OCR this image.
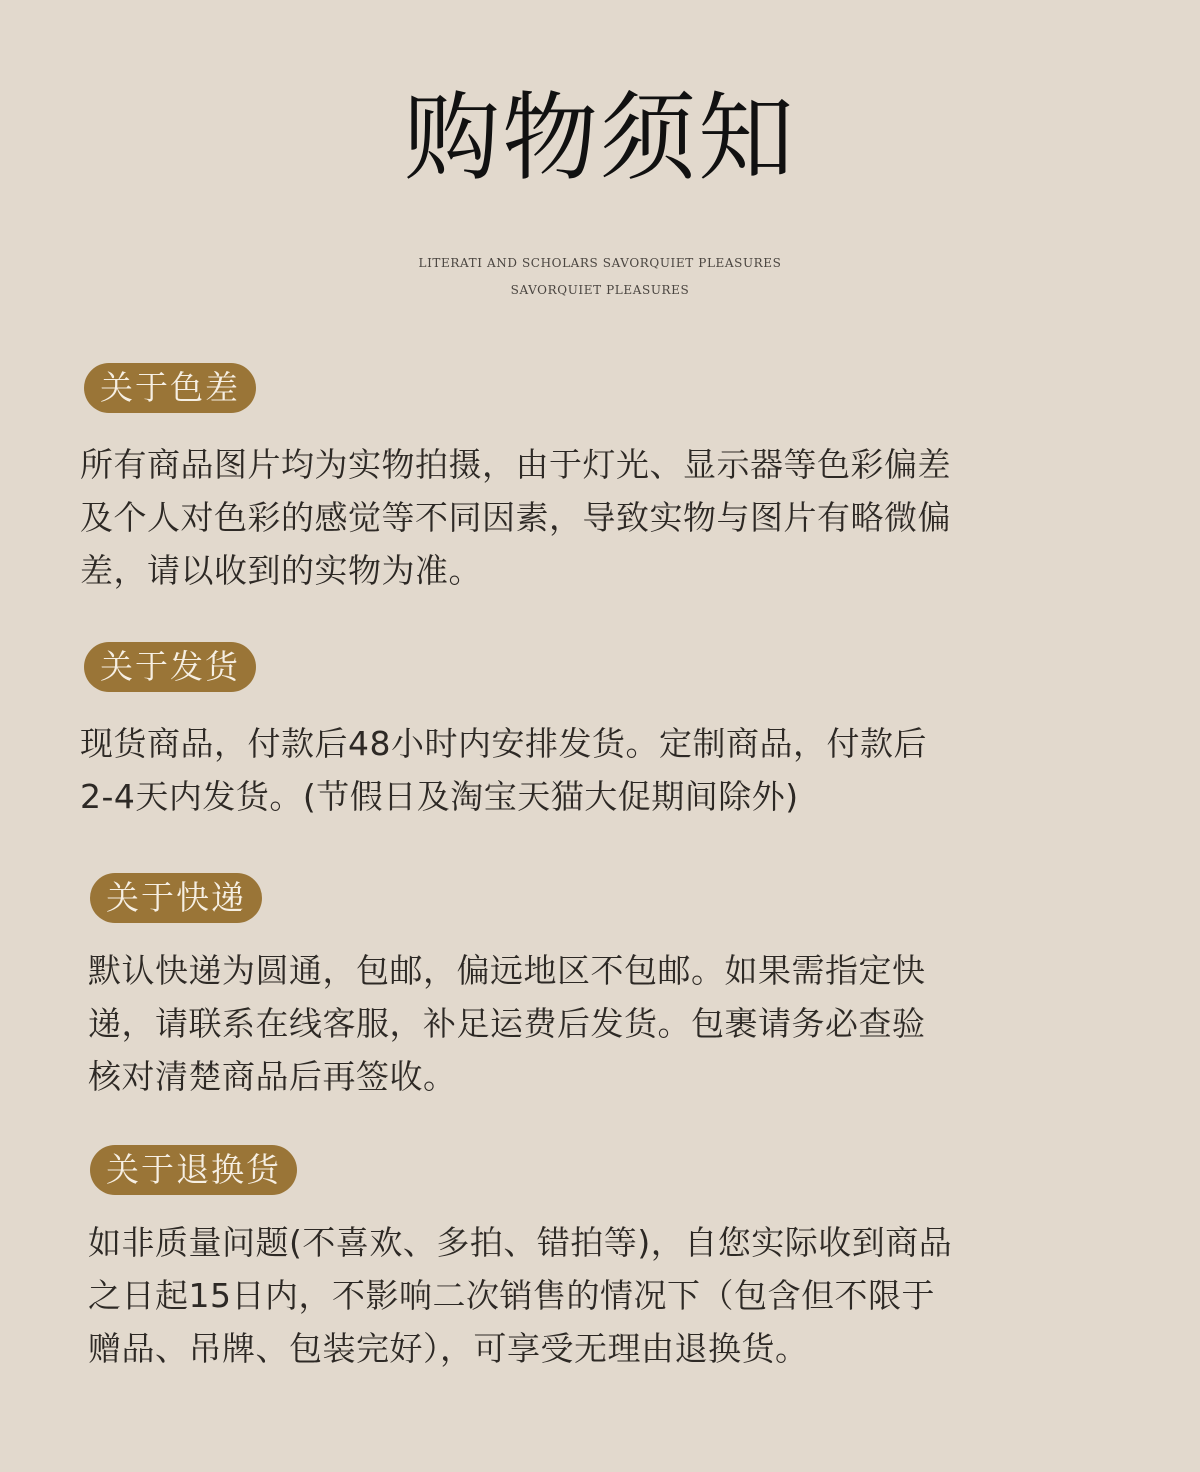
购物须知
LITERATI AND SCHOLARS SAVORQUIET PLEASURES
SAVORQUIET PLEASURES
关于色差

所有商品图片均为实物拍摄，由于灯光、显示器等色彩偏差
及个人对色彩的感觉等不同因素，导致实物与图片有略微偏
差，请以收到的实物为准。

关于发货

现货商品，付款后48小时内安排发货。定制商品，付款后
2-4天内发货。(节假日及淘宝天猫大促期间除外)

关于快递

默认快递为圆通，包邮，偏远地区不包邮。如果需指定快
递，请联系在线客服，补足运费后发货。包裹请务必查验
核对清楚商品后再签收。

关于退换货

如非质量问题(不喜欢、多拍、错拍等)，自您实际收到商品
之日起15日内，不影响二次销售的情况下（包含但不限于
赠品、吊牌、包装完好），可享受无理由退换货。
